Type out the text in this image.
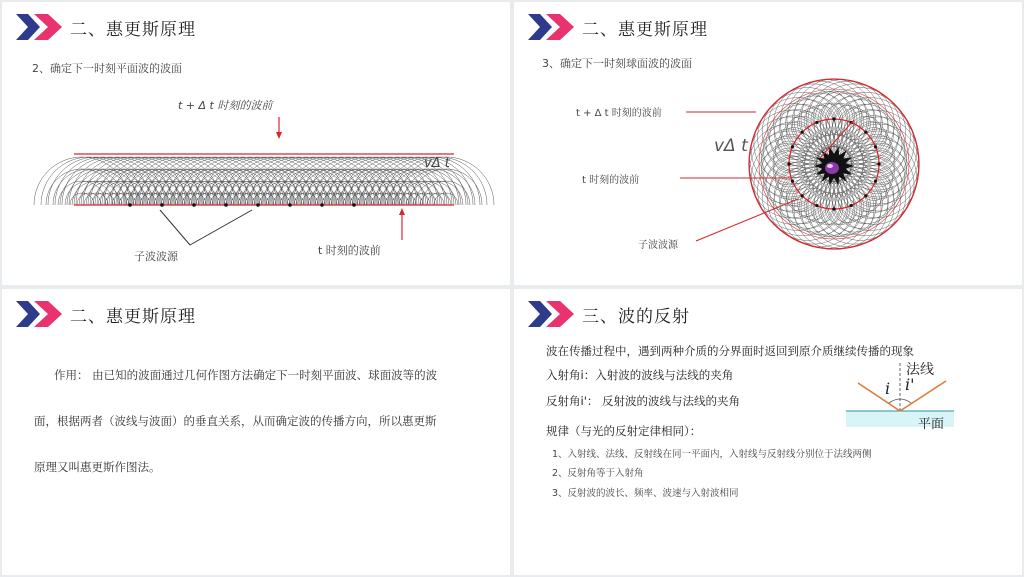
二、惠更斯原理
2、确定下一时刻平面波的波面
t + Δ t 时刻的波前
vΔ t
子波波源	t 时刻的波前
二、惠更斯原理
3、确定下一时刻球面波的波面
t + Δ t 时刻的波前
vΔ t
t 时刻的波前
子波波源
二、惠更斯原理
作用： 由已知的波面通过几何作图方法确定下一时刻平面波、球面波等的波
面，根据两者（波线与波面）的垂直关系，从而确定波的传播方向，所以惠更斯
原理又叫惠更斯作图法。
三、波的反射
波在传播过程中，遇到两种介质的分界面时返回到原介质继续传播的现象
入射角i：入射波的波线与法线的夹角
反射角i'： 反射波的波线与法线的夹角
规律（与光的反射定律相同）：
1、入射线、法线、反射线在同一平面内，入射线与反射线分别位于法线两侧
2、反射角等于入射角
3、反射波的波长、频率、波速与入射波相同
法线
i i'
平面
